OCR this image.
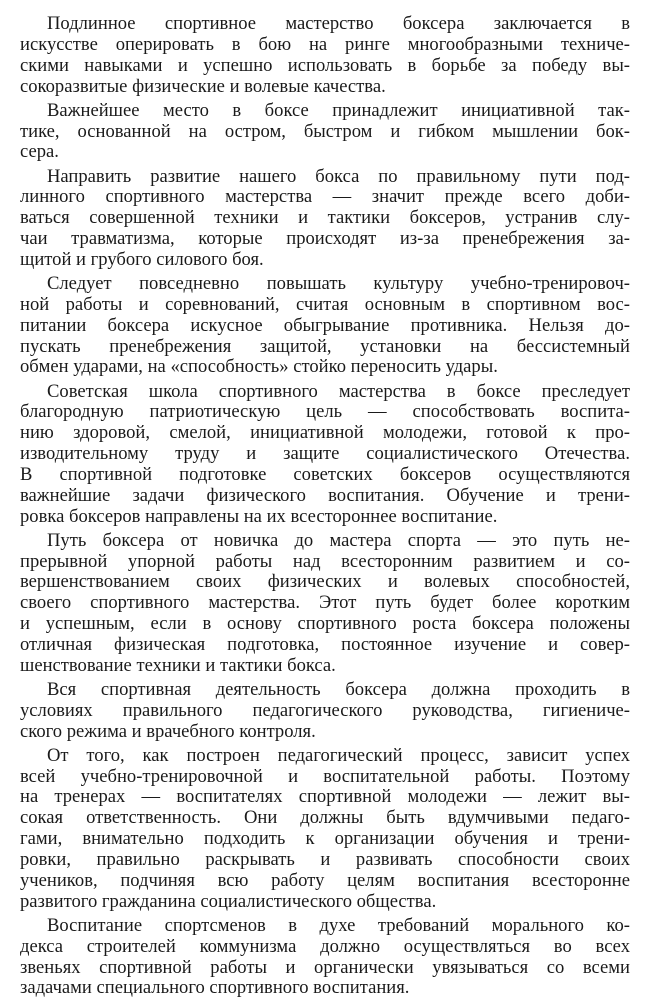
Подлинное спортивное мастерство боксера заключается в
искусстве оперировать в бою на ринге многообразными техниче-
скими навыками и успешно использовать в борьбе за победу вы-
сокоразвитые физические и волевые качества.

Важнейшее место в боксе принадлежит инициативной так-
тике, основанной на остром, быстром и гибком мышлении бок-
сера.

Направить развитие нашего бокса по правильному пути под-
линного спортивного мастерства — значит прежде всего доби-
ваться совершенной техники и тактики боксеров, устранив слу-
чаи травматизма, которые происходят из-за пренебрежения за-
щитой и грубого силового боя.

Следует повседневно повышать культуру учебно-тренировоч-
ной работы и соревнований, считая основным в спортивном вос-
питании боксера искусное обыгрывание противника. Нельзя до-
пускать пренебрежения защитой, установки на бессистемный
обмен ударами, на «способность» стойко переносить удары.

Советская школа спортивного мастерства в боксе преследует
благородную патриотическую цель — способствовать воспита-
нию здоровой, смелой, инициативной молодежи, готовой к про-
изводительному труду и защите социалистического Отечества.
В спортивной подготовке советских боксеров осуществляются
важнейшие задачи физического воспитания. Обучение и трени-
ровка боксеров направлены на их всестороннее воспитание.

Путь боксера от новичка до мастера спорта — это путь не-
прерывной упорной работы над всесторонним развитием и со-
вершенствованием своих физических и волевых способностей,
своего спортивного мастерства. Этот путь будет более коротким
и успешным, если в основу спортивного роста боксера положены
отличная физическая подготовка, постоянное изучение и совер-
шенствование техники и тактики бокса.

Вся спортивная деятельность боксера должна проходить в
условиях правильного педагогического руководства, гигиениче-
ского режима и врачебного контроля.

От того, как построен педагогический процесс, зависит успех
всей учебно-тренировочной и воспитательной работы. Поэтому
на тренерах — воспитателях спортивной молодежи — лежит вы-
сокая ответственность. Они должны быть вдумчивыми педаго-
гами, внимательно подходить к организации обучения и трени-
ровки, правильно раскрывать и развивать способности своих
учеников, подчиняя всю работу целям воспитания всесторонне
развитого гражданина социалистического общества.

Воспитание спортсменов в духе требований морального ко-
декса строителей коммунизма должно осуществляться во всех
звеньях спортивной работы и органически увязываться со всеми
задачами специального спортивного воспитания.
